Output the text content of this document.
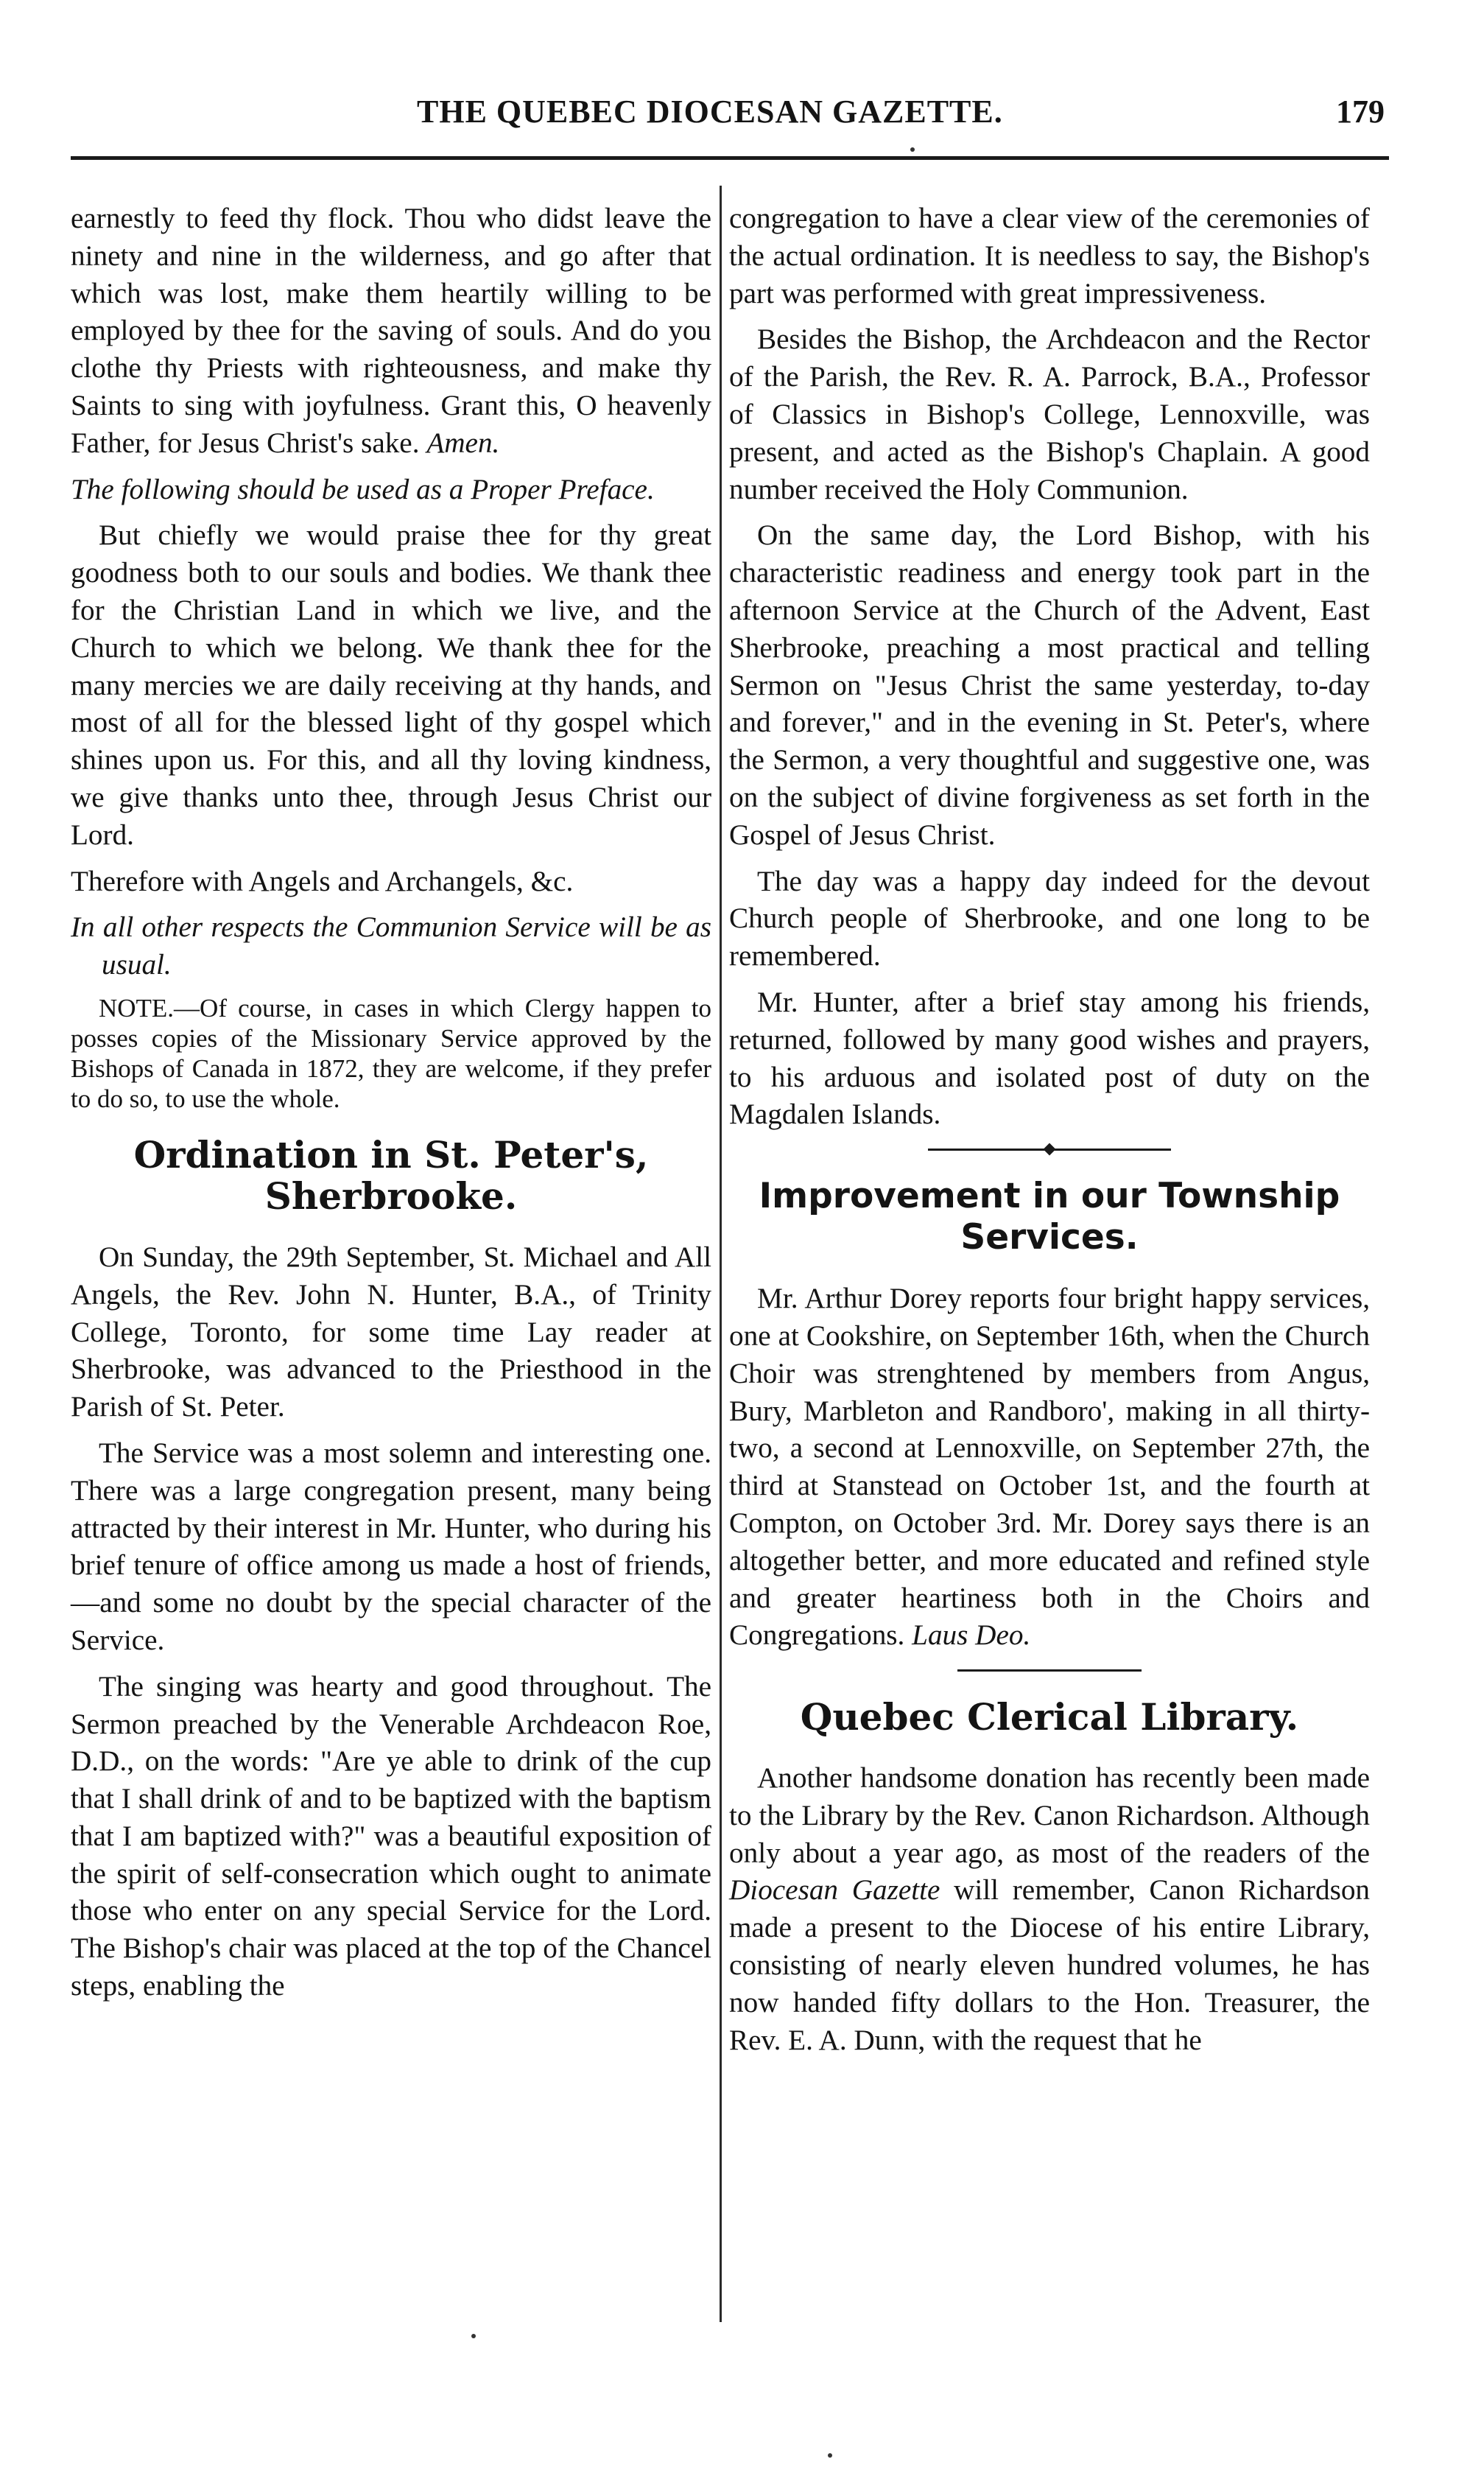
THE QUEBEC DIOCESAN GAZETTE.	179

earnestly to feed thy flock. Thou who didst leave the ninety and nine in the wilderness, and go after that which was lost, make them heartily willing to be employed by thee for the saving of souls. And do you clothe thy Priests with righteousness, and make thy Saints to sing with joyfulness. Grant this, O heavenly Father, for Jesus Christ's sake. Amen.

The following should be used as a Proper Preface.

But chiefly we would praise thee for thy great goodness both to our souls and bodies. We thank thee for the Christian Land in which we live, and the Church to which we belong. We thank thee for the many mercies we are daily receiving at thy hands, and most of all for the blessed light of thy gospel which shines upon us. For this, and all thy loving kindness, we give thanks unto thee, through Jesus Christ our Lord.

Therefore with Angels and Archangels, &c.

In all other respects the Communion Service will be as usual.

NOTE.—Of course, in cases in which Clergy happen to posses copies of the Missionary Service approved by the Bishops of Canada in 1872, they are welcome, if they prefer to do so, to use the whole.

Ordination in St. Peter's, Sherbrooke.

On Sunday, the 29th September, St. Michael and All Angels, the Rev. John N. Hunter, B.A., of Trinity College, Toronto, for some time Lay reader at Sherbrooke, was advanced to the Priesthood in the Parish of St. Peter.

The Service was a most solemn and interesting one. There was a large congregation present, many being attracted by their interest in Mr. Hunter, who during his brief tenure of office among us made a host of friends,—and some no doubt by the special character of the Service.

The singing was hearty and good throughout. The Sermon preached by the Venerable Archdeacon Roe, D.D., on the words: "Are ye able to drink of the cup that I shall drink of and to be baptized with the baptism that I am baptized with?" was a beautiful exposition of the spirit of self-consecration which ought to animate those who enter on any special Service for the Lord. The Bishop's chair was placed at the top of the Chancel steps, enabling the

congregation to have a clear view of the ceremonies of the actual ordination. It is needless to say, the Bishop's part was performed with great impressiveness.

Besides the Bishop, the Archdeacon and the Rector of the Parish, the Rev. R. A. Parrock, B.A., Professor of Classics in Bishop's College, Lennoxville, was present, and acted as the Bishop's Chaplain. A good number received the Holy Communion.

On the same day, the Lord Bishop, with his characteristic readiness and energy took part in the afternoon Service at the Church of the Advent, East Sherbrooke, preaching a most practical and telling Sermon on "Jesus Christ the same yesterday, to-day and forever," and in the evening in St. Peter's, where the Sermon, a very thoughtful and suggestive one, was on the subject of divine forgiveness as set forth in the Gospel of Jesus Christ.

The day was a happy day indeed for the devout Church people of Sherbrooke, and one long to be remembered.

Mr. Hunter, after a brief stay among his friends, returned, followed by many good wishes and prayers, to his arduous and isolated post of duty on the Magdalen Islands.

Improvement in our Township Services.

Mr. Arthur Dorey reports four bright happy services, one at Cookshire, on September 16th, when the Church Choir was strenghtened by members from Angus, Bury, Marbleton and Randboro', making in all thirty-two, a second at Lennoxville, on September 27th, the third at Stanstead on October 1st, and the fourth at Compton, on October 3rd. Mr. Dorey says there is an altogether better, and more educated and refined style and greater heartiness both in the Choirs and Congregations. Laus Deo.

Quebec Clerical Library.

Another handsome donation has recently been made to the Library by the Rev. Canon Richardson. Although only about a year ago, as most of the readers of the Diocesan Gazette will remember, Canon Richardson made a present to the Diocese of his entire Library, consisting of nearly eleven hundred volumes, he has now handed fifty dollars to the Hon. Treasurer, the Rev. E. A. Dunn, with the request that he
